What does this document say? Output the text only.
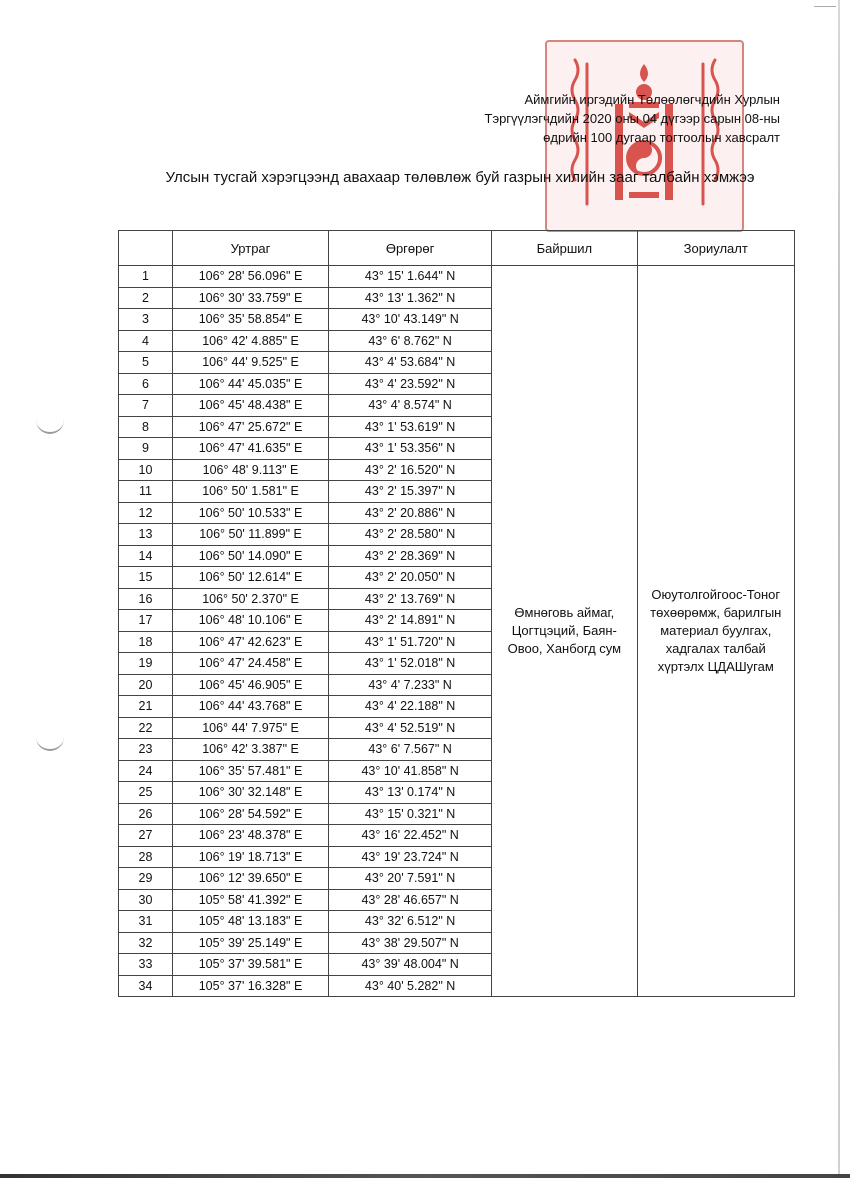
Аймгийн иргэдийн Төлөөлөгчдийн Хурлын
Тэргүүлэгчдийн 2020 оны 04 дүгээр сарын 08-ны
өдрийн 100 дугаар тогтоолын хавсралт
Улсын тусгай хэрэгцээнд авахаар төлөвлөж буй газрын хилийн зааг талбайн хэмжээ
	Уртраг	Өргөрөг	Байршил	Зориулалт
1	106° 28' 56.096" E	43° 15' 1.644" N	Өмнөговь аймаг, Цогтцэций, Баян-Овоо, Ханбогд сум	Оюутолгойгоос-Тоног төхөөрөмж, барилгын материал буулгах, хадгалах талбай хүртэлх ЦДАШугам
2	106° 30' 33.759" E	43° 13' 1.362" N		
3	106° 35' 58.854" E	43° 10' 43.149" N		
4	106° 42' 4.885" E	43° 6' 8.762" N		
5	106° 44' 9.525" E	43° 4' 53.684" N		
6	106° 44' 45.035" E	43° 4' 23.592" N		
7	106° 45' 48.438" E	43° 4' 8.574" N		
8	106° 47' 25.672" E	43° 1' 53.619" N		
9	106° 47' 41.635" E	43° 1' 53.356" N		
10	106° 48' 9.113" E	43° 2' 16.520" N		
11	106° 50' 1.581" E	43° 2' 15.397" N		
12	106° 50' 10.533" E	43° 2' 20.886" N		
13	106° 50' 11.899" E	43° 2' 28.580" N		
14	106° 50' 14.090" E	43° 2' 28.369" N		
15	106° 50' 12.614" E	43° 2' 20.050" N		
16	106° 50' 2.370" E	43° 2' 13.769" N		
17	106° 48' 10.106" E	43° 2' 14.891" N		
18	106° 47' 42.623" E	43° 1' 51.720" N		
19	106° 47' 24.458" E	43° 1' 52.018" N		
20	106° 45' 46.905" E	43° 4' 7.233" N		
21	106° 44' 43.768" E	43° 4' 22.188" N		
22	106° 44' 7.975" E	43° 4' 52.519" N		
23	106° 42' 3.387" E	43° 6' 7.567" N		
24	106° 35' 57.481" E	43° 10' 41.858" N		
25	106° 30' 32.148" E	43° 13' 0.174" N		
26	106° 28' 54.592" E	43° 15' 0.321" N		
27	106° 23' 48.378" E	43° 16' 22.452" N		
28	106° 19' 18.713" E	43° 19' 23.724" N		
29	106° 12' 39.650" E	43° 20' 7.591" N		
30	105° 58' 41.392" E	43° 28' 46.657" N		
31	105° 48' 13.183" E	43° 32' 6.512" N		
32	105° 39' 25.149" E	43° 38' 29.507" N		
33	105° 37' 39.581" E	43° 39' 48.004" N		
34	105° 37' 16.328" E	43° 40' 5.282" N		
